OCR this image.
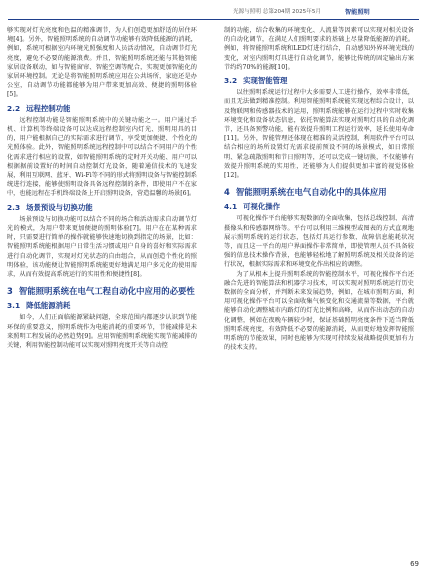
光源与照明 总第204期 2025年5月	智能照明

够实现对灯光亮度和色温的精准调节，为人们创造更加舒适的居住环境[4]。另外，智能照明系统的自动调节功能够有效降低能源的消耗，例如，系统可根据室内环境光照强度和人员活动情况，自动调节灯光亮度，避免不必要的能源浪费。并且，智能照明系统还能与其他智能家居设备联动，如与智能窗帘、智能空调等配合，实现更加智能化的家居环境控制。无论是将智能照明系统应用在公共场所，家庭还是办公室，自动调节功能都能够为用户带来更加高效、便捷的照明体验[5]。

2.2 远程控制功能

远程控制功能是智能照明系统中的关键功能之一。用户通过手机、计算机等终端设备可以达成远程控制室内灯光、照明用具的目的，用户能根据自己的实际需求进行调节，享受更加便捷、个性化的光照体验。此外，智能照明系统远程控制中可以结合不同用户的个性化需求进行相应的设置，如智能照明系统的定时开关功能、用户可以根据据前设置好的时间自动控制灯光设备，随着通信技术的飞速发展，利用互联网、蓝牙、Wi-Fi等不同的形式将照明设备与智能控制系统进行连接，能够使照明设备具备远程控制的条件，即使用户不在家中，也能远程在手机终端设备上开启照明设备，营造温馨的场景[6]。

2.3 场景预设与切换功能

场景预设与切换功能可以结合不同的场合和活动需求自动调节灯光的模式，为用户带来更加便捷的照明体验[7]。用户在在某种需求时，只需要进行简单的操作就能够快速地切换到指定的场景，比如：智能照明系统能根据用户日常生活习惯或用户自身的喜好和实际需求进行自动化调节，实现对灯光状态的自由组合，从而创造个性化的照明体验，该功能便让智能照明系统能更好地满足用户多元化的使用需求，从而有效提高系统运行的实用性和便捷性[8]。

3 智能照明系统在电气工程自动化中应用的必要性
3.1 降低能源消耗

如今，人们正面临能源紧缺问题，全球范围内都逐步认识到节能环保的重要意义，照明系统作为电能消耗的重要环节，节能减排是未来照明工程发展的必然趋势[9]。应用智能照明系统能实现节能减排的关键，利用智能控制功能可以实现对照明亮度开关等自动控

制的功能，结合收集的环境变化、人流量等因素可以实现对相关设备的自动化调节，在满足人们照明要求的基础上尽量降低能源的消耗。例如，将智能照明系统和LED灯进行结合，自动感知外界环境光线的变化，对室内照明灯具进行自动化调节，能够比传统的固定输出方案节约约70%的能源[10]。

3.2 实现智能管理

以往照明系统运行过程中大多需要人工进行操作，效率非常低，而且无法做到精准控制。利用智能照明系统能实现远程综合设计，以及物联网和传感器技术的运用，照明系统能够在运行过程中实时收集环境变化和设备状态信息，依托智能算法实现对照明灯具的自动化调节，还具备预警功能，能有效提升照明工程运行效率，延长使用寿命[11]。另外，智能管理还体现在精准的灵活控制，利用软件平台可以结合相应的场所设置灯光需求提前预设不同的场景模式，如日常照明、紧急疏散照明和节日照明等，还可以完成一键切换，不仅能够有效提升照明系统的实用性，还能够为人们提供更加丰富的视觉体验[12]。

4 智能照明系统在电气自动化中的具体应用
4.1 可视化操作

可视化操作平台能够实现数据的全面收集，包括总线控制、高清摄像头和传感器网络等。平台可以利用三维模型或图表的方式直观地展示照明系统的运行状态，包括灯具运行参数、故障信息能耗状况等，而且这一平台的用户界面操作非常简单，即使管理人员不具备较强的信息技术操作背景，也能够轻松地了解照明系统及相关设备的运行状况，根据实际需求和环境变化作出相应的调整。

为了从根本上提升照明系统的智能控制水平，可视化操作平台还融合先进的智能算法和机器学习技术，可以实现对照明系统运行历史数据的全面分析，并判断未来发展趋势，例如，在城市照明方面，利用可视化操作平台可以全面收集气候变化和交通流量等数据，平台就能够自动化调整城市内路灯的灯光比例和高峰，从而作出动态的自动化调整，例如在夜晚车辆较少时，保证基础照明亮度条件下适当降低照明系统亮度，有效降低不必要的能源消耗，从而更好地发挥智能照明系统的节能效果，同时也能够为实现可持续发展战略提供更加有力的技术支持。

69
